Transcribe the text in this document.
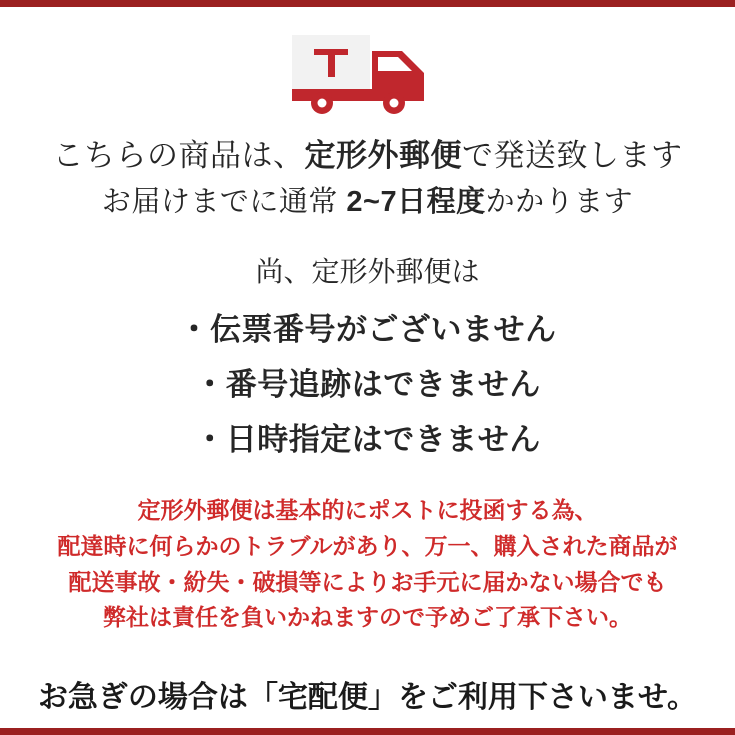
こちらの商品は、定形外郵便で発送致します
お届けまでに通常 2~7日程度かかります
尚、定形外郵便は
・伝票番号がございません
・番号追跡はできません
・日時指定はできません
定形外郵便は基本的にポストに投函する為、
配達時に何らかのトラブルがあり、万一、購入された商品が
配送事故・紛失・破損等によりお手元に届かない場合でも
弊社は責任を負いかねますので予めご了承下さい。
お急ぎの場合は「宅配便」をご利用下さいませ。
